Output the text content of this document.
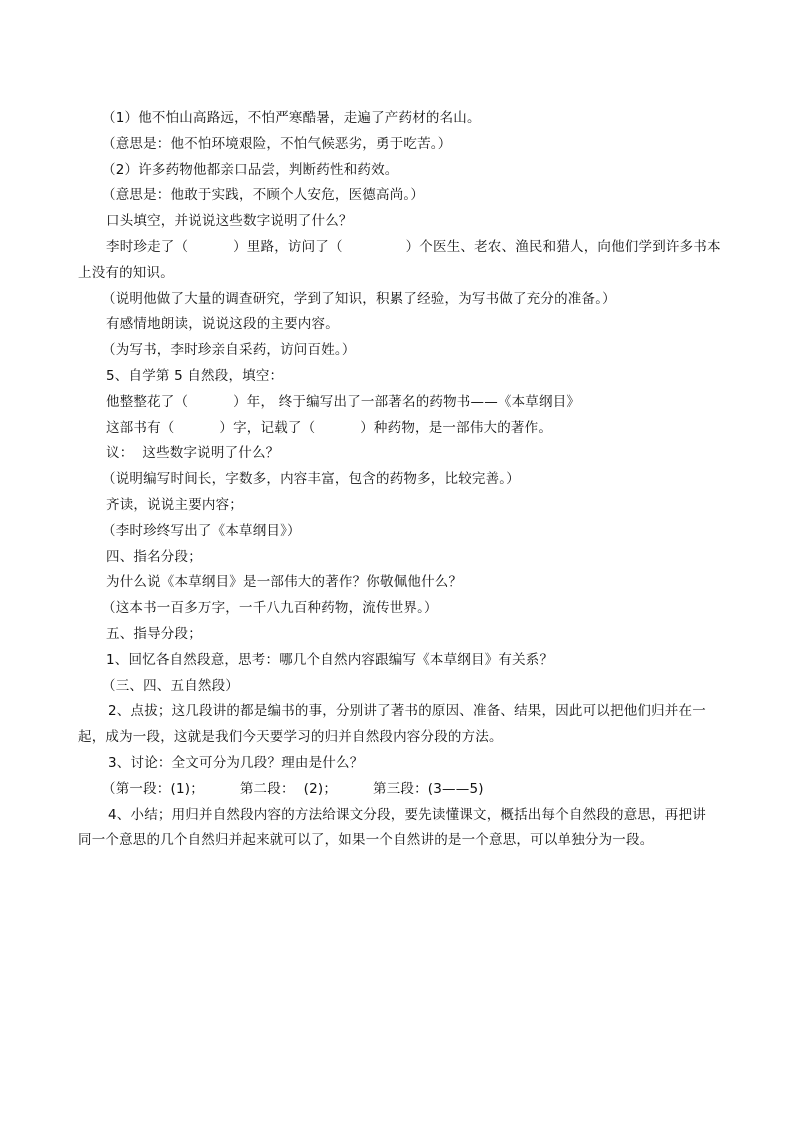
（1）他不怕山高路远，不怕严寒酷暑，走遍了产药材的名山。

（意思是：他不怕环境艰险，不怕气候恶劣，勇于吃苦。）

（2）许多药物他都亲口品尝，判断药性和药效。

（意思是：他敢于实践，不顾个人安危，医德高尚。）

口头填空，并说说这些数字说明了什么？

李时珍走了（          ）里路，访问了（              ）个医生、老农、渔民和猎人，向他们学到许多书本

上没有的知识。

（说明他做了大量的调查研究，学到了知识，积累了经验，为写书做了充分的准备。）

有感情地朗读，说说这段的主要内容。

（为写书，李时珍亲自采药，访问百姓。）

5、自学第 5 自然段，填空：

他整整花了（          ）年， 终于编写出了一部著名的药物书——《本草纲目》

这部书有（          ）字，记载了（          ）种药物，是一部伟大的著作。

议：  这些数字说明了什么？

（说明编写时间长，字数多，内容丰富，包含的药物多，比较完善。）

齐读，说说主要内容；

（李时珍终写出了《本草纲目》）

四、指名分段；

为什么说《本草纲目》是一部伟大的著作？你敬佩他什么？

（这本书一百多万字，一千八九百种药物，流传世界。）

五、指导分段；

1、回忆各自然段意，思考：哪几个自然内容跟编写《本草纲目》有关系？

（三、四、五自然段）

2、点拔；这几段讲的都是编书的事，分别讲了著书的原因、准备、结果，因此可以把他们归并在一

起，成为一段，这就是我们今天要学习的归并自然段内容分段的方法。

3、讨论：全文可分为几段？理由是什么？

（第一段：(1)；        第二段：  (2)；        第三段：(3——5)

4、小结；用归并自然段内容的方法给课文分段，要先读懂课文，概括出每个自然段的意思，再把讲

同一个意思的几个自然归并起来就可以了，如果一个自然讲的是一个意思，可以单独分为一段。
